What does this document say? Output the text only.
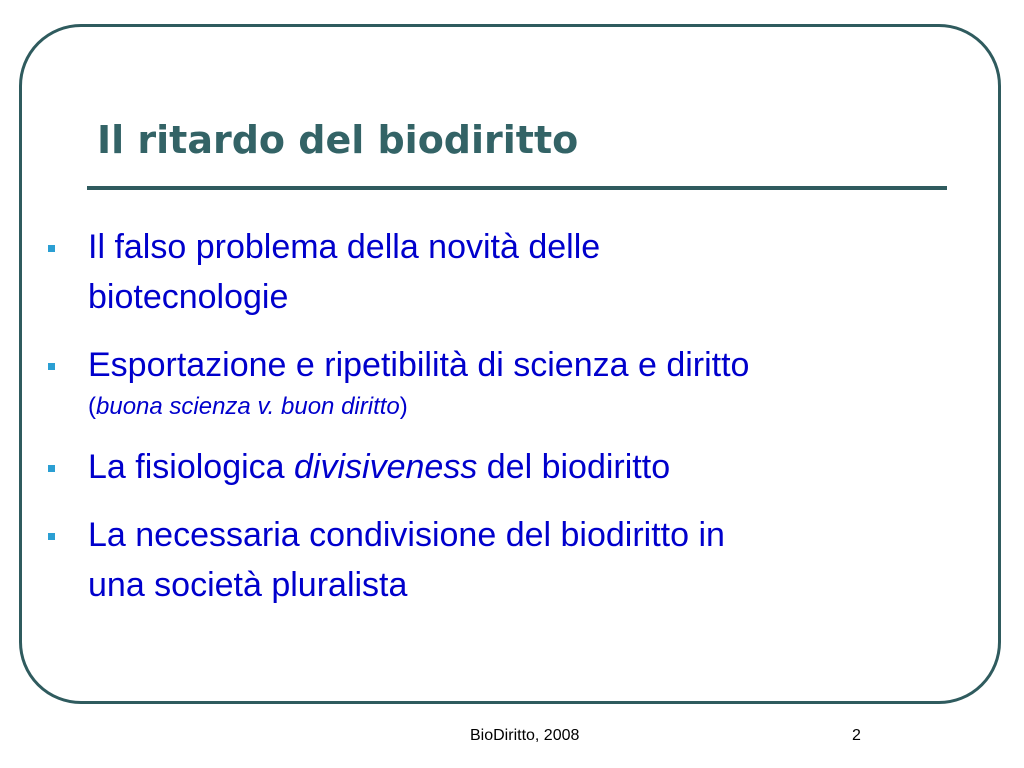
Il ritardo del biodiritto
Il falso problema della novità delle
biotecnologie
Esportazione e ripetibilità di scienza e diritto
(buona scienza v. buon diritto)
La fisiologica divisiveness del biodiritto
La necessaria condivisione del biodiritto in
una società pluralista
BioDiritto, 2008	2
